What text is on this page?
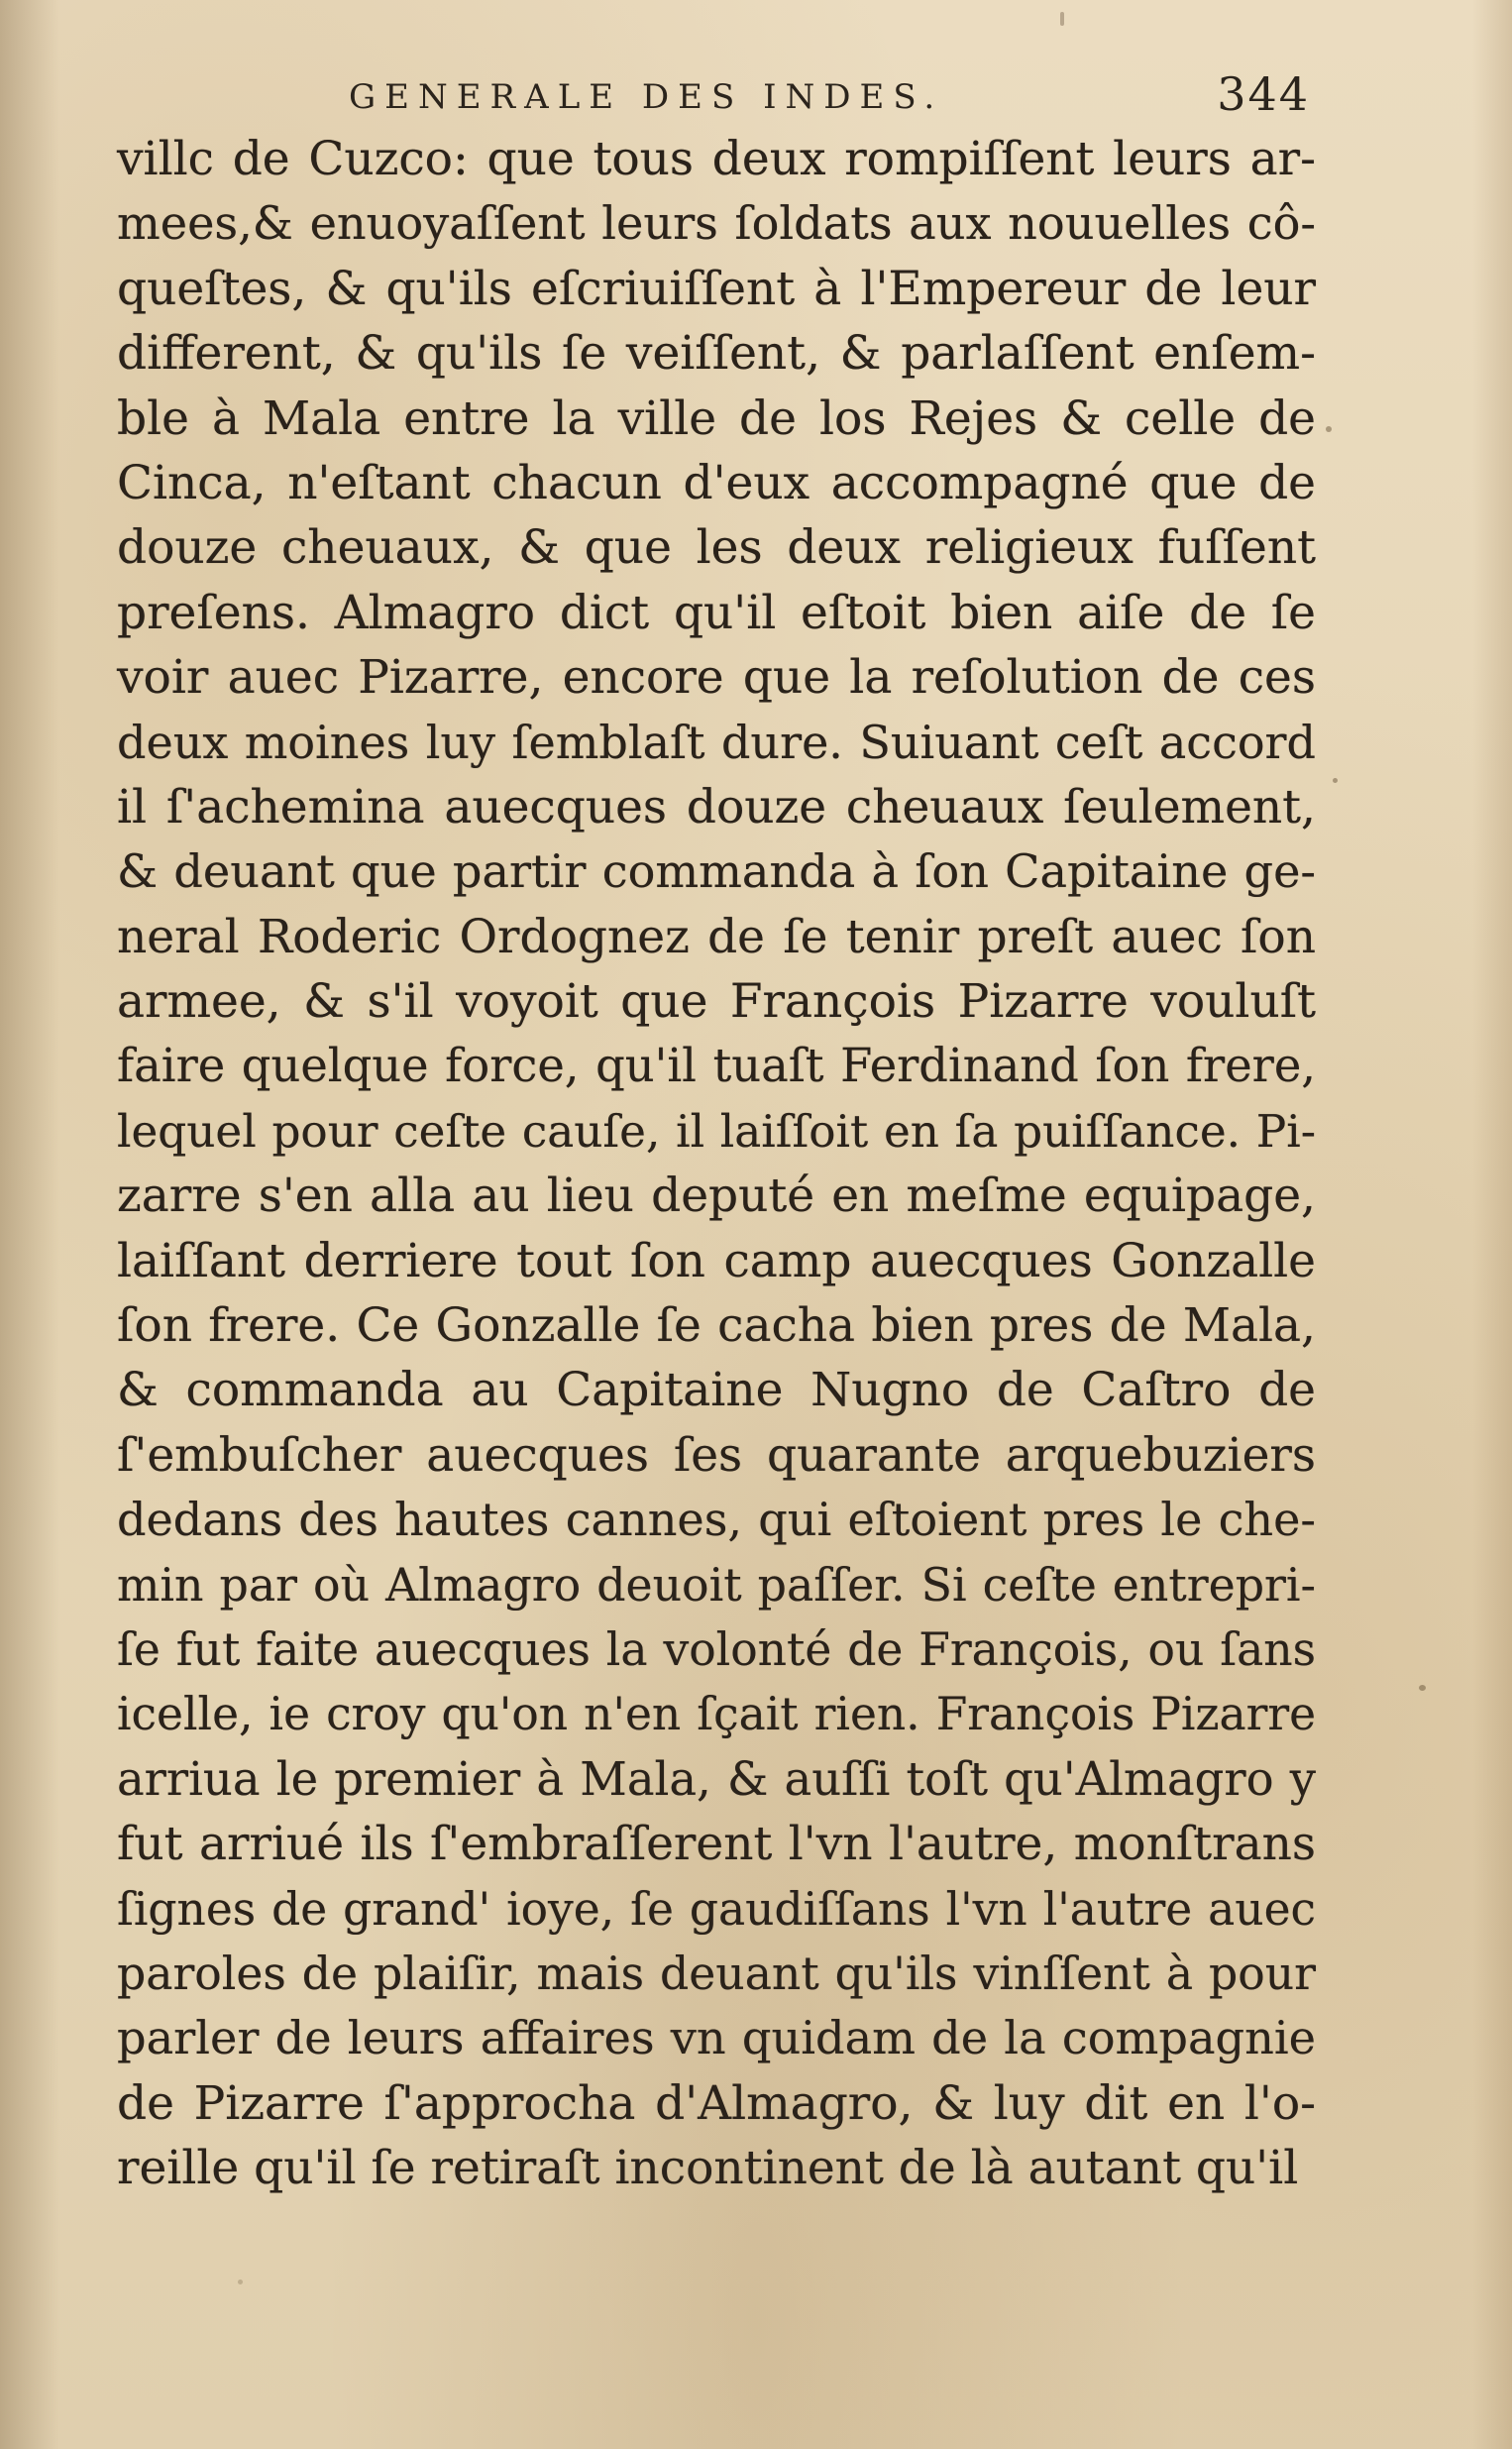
GENERALE DES INDES.	344
villc de Cuzco: que tous deux rompiſſent leurs ar-
mees,& enuoyaſſent leurs ſoldats aux nouuelles cô-
queſtes, & qu'ils eſcriuiſſent à l'Empereur de leur
different, & qu'ils ſe veiſſent, & parlaſſent enſem-
ble à Mala entre la ville de los Rejes & celle de
Cinca, n'eſtant chacun d'eux accompagné que de
douze cheuaux, & que les deux religieux fuſſent
preſens. Almagro dict qu'il eſtoit bien aiſe de ſe
voir auec Pizarre, encore que la reſolution de ces
deux moines luy ſemblaſt dure. Suiuant ceſt accord
il ſ'achemina auecques douze cheuaux ſeulement,
& deuant que partir commanda à ſon Capitaine ge-
neral Roderic Ordognez de ſe tenir preſt auec ſon
armee, & s'il voyoit que François Pizarre vouluſt
faire quelque force, qu'il tuaſt Ferdinand ſon frere,
lequel pour ceſte cauſe, il laiſſoit en ſa puiſſance. Pi-
zarre s'en alla au lieu deputé en meſme equipage,
laiſſant derriere tout ſon camp auecques Gonzalle
ſon frere. Ce Gonzalle ſe cacha bien pres de Mala,
& commanda au Capitaine Nugno de Caſtro de
ſ'embuſcher auecques ſes quarante arquebuziers
dedans des hautes cannes, qui eſtoient pres le che-
min par où Almagro deuoit paſſer. Si ceſte entrepri-
ſe fut faite auecques la volonté de François, ou ſans
icelle, ie croy qu'on n'en ſçait rien. François Pizarre
arriua le premier à Mala, & auſſi toſt qu'Almagro y
fut arriué ils ſ'embraſſerent l'vn l'autre, monſtrans
ſignes de grand' ioye, ſe gaudiſſans l'vn l'autre auec
paroles de plaiſir, mais deuant qu'ils vinſſent à pour
parler de leurs affaires vn quidam de la compagnie
de Pizarre ſ'approcha d'Almagro, & luy dit en l'o-
reille qu'il ſe retiraſt incontinent de là autant qu'il
